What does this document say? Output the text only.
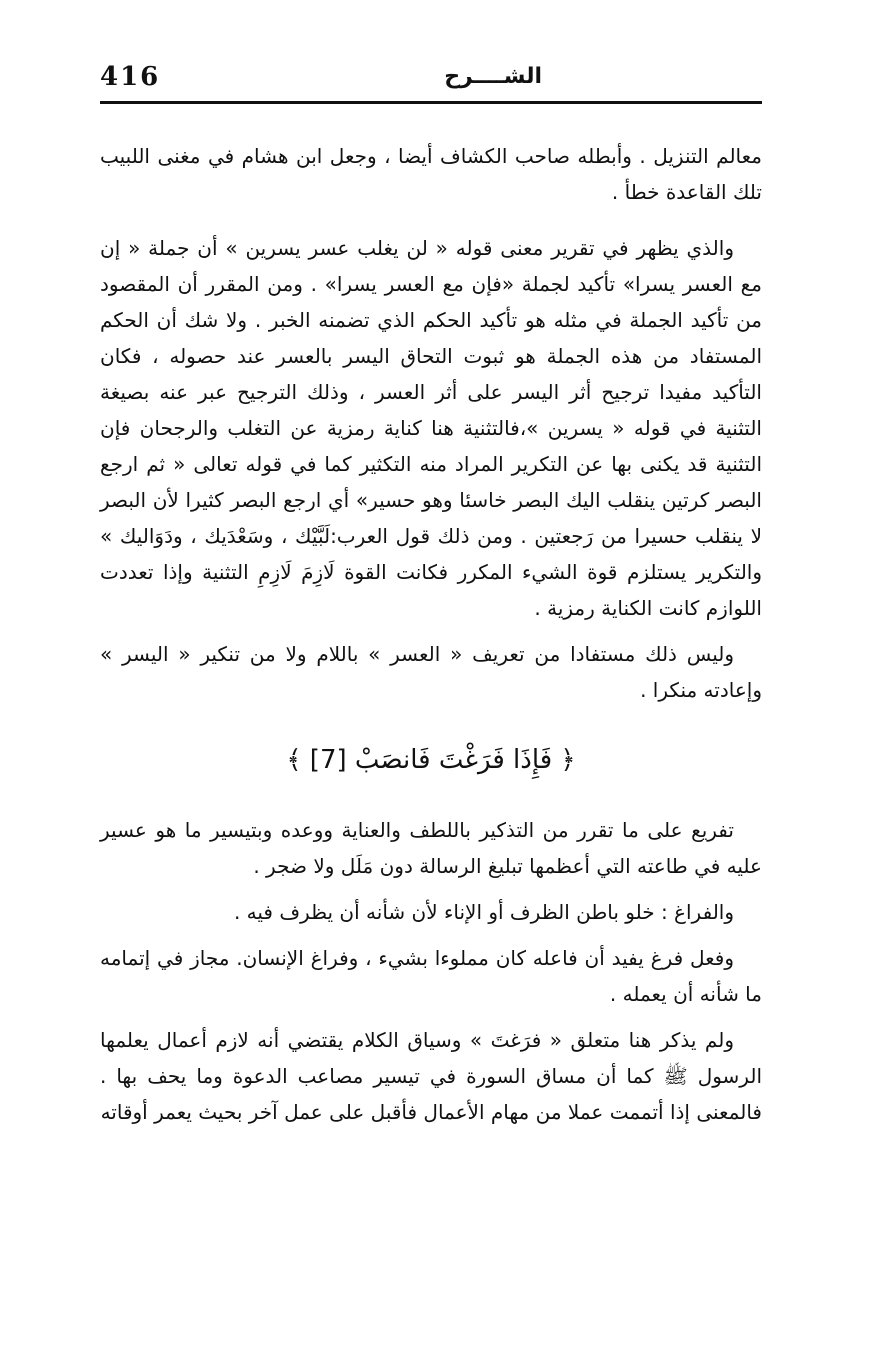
416	الشــــرح

معالم التنزيل . وأبطله صاحب الكشاف أيضا ، وجعل ابن هشام في مغنى اللبيب تلك القاعدة خطأ .

والذي يظهر في تقرير معنى قوله « لن يغلب عسر يسرين » أن جملة « إن مع العسر يسرا» تأكيد لجملة «فإن مع العسر يسرا» . ومن المقرر أن المقصود من تأكيد الجملة في مثله هو تأكيد الحكم الذي تضمنه الخبر . ولا شك أن الحكم المستفاد من هذه الجملة هو ثبوت التحاق اليسر بالعسر عند حصوله ، فكان التأكيد مفيدا ترجيح أثر اليسر على أثر العسر ، وذلك الترجيح عبر عنه بصيغة التثنية في قوله « يسرين »،فالتثنية هنا كناية رمزية عن التغلب والرجحان فإن التثنية قد يكنى بها عن التكرير المراد منه التكثير كما في قوله تعالى « ثم ارجع البصر كرتين ينقلب اليك البصر خاسئا وهو حسير» أي ارجع البصر كثيرا لأن البصر لا ينقلب حسيرا من رَجعتين . ومن ذلك قول العرب:لَبَّيْك ، وسَعْدَيك ، ودَوَاليك » والتكرير يستلزم قوة الشيء المكرر فكانت القوة لَازِمَ لَازِمِ التثنية وإذا تعددت اللوازم كانت الكناية رمزية .

وليس ذلك مستفادا من تعريف « العسر » باللام ولا من تنكير « اليسر » وإعادته منكرا .

﴿ فَإِذَا فَرَغْتَ فَانصَبْ [7] ﴾

تفريع على ما تقرر من التذكير باللطف والعناية ووعده وبتيسير ما هو عسير عليه في طاعته التي أعظمها تبليغ الرسالة دون مَلَل ولا ضجر .

والفراغ : خلو باطن الظرف أو الإناء لأن شأنه أن يظرف فيه .

وفعل فرغ يفيد أن فاعله كان مملوءا بشيء ، وفراغ الإنسان. مجاز في إتمامه ما شأنه أن يعمله .

ولم يذكر هنا متعلق « فرَغتَ » وسياق الكلام يقتضي أنه لازم أعمال يعلمها الرسول ﷺ كما أن مساق السورة في تيسير مصاعب الدعوة وما يحف بها . فالمعنى إذا أتممت عملا من مهام الأعمال فأقبل على عمل آخر بحيث يعمر أوقاته
